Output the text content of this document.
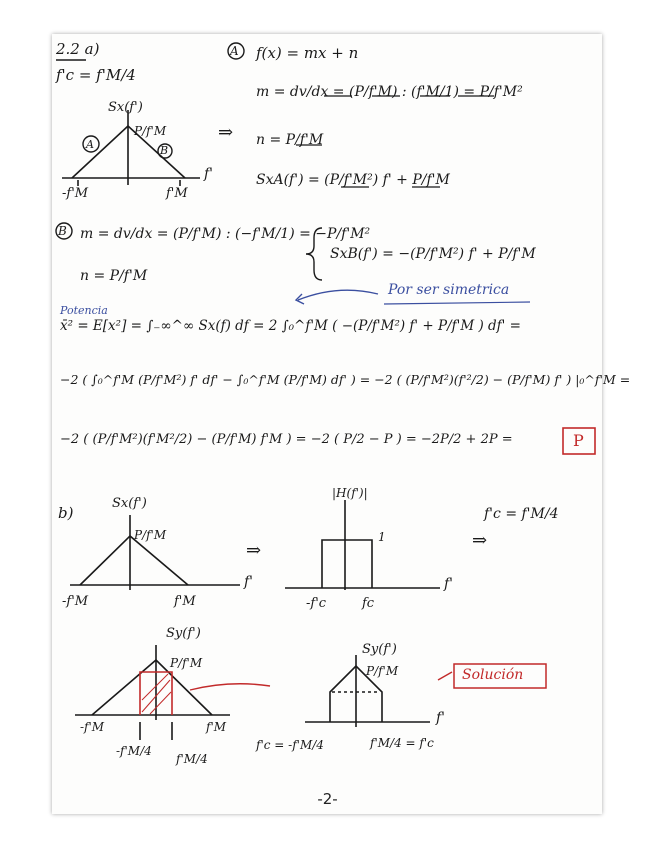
2.2 a)
f'c = f'M/4
A
A
B
B
Sx(f')
P/f'M
-f'M	f'M
f'
⇒
f(x) = mx + n
m = dv/dx = (P/f'M) : (f'M/1) = P/f'M²
n = P/f'M
SxA(f') = (P/f'M²) f' + P/f'M
m = dv/dx = (P/f'M) : (−f'M/1) = −P/f'M²
n = P/f'M
SxB(f') = −(P/f'M²) f' + P/f'M
Por ser simetrica
Potencia
x̄² = E[x²] = ∫₋∞^∞ Sx(f) df = 2 ∫₀^f'M ( −(P/f'M²) f' + P/f'M ) df' =
−2 ( ∫₀^f'M (P/f'M²) f' df' − ∫₀^f'M (P/f'M) df' ) = −2 ( (P/f'M²)(f'²/2) − (P/f'M) f' ) |₀^f'M =
−2 ( (P/f'M²)(f'M²/2) − (P/f'M) f'M ) = −2 ( P/2 − P ) = −2P/2 + 2P =	P
b)
Sx(f')
P/f'M
-f'M	f'M
f'
⇒
|H(f')|
1
-f'c	fc
f'
⇒
f'c = f'M/4
Sy(f')
P/f'M
-f'M	f'M
-f'M/4
f'M/4
Sy(f')
P/f'M
f'
f'c = -f'M/4	f'M/4 = f'c
Solución
-2-
